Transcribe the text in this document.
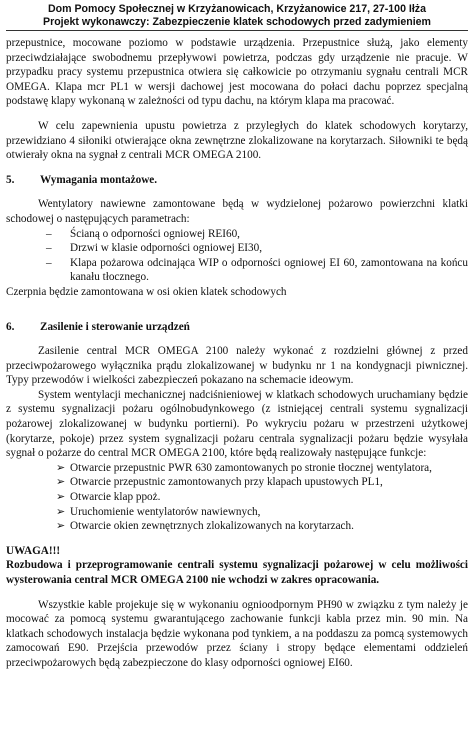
Dom Pomocy Społecznej w Krzyżanowicach, Krzyżanowice 217, 27-100 Iłża
Projekt wykonawczy: Zabezpieczenie klatek schodowych przed zadymieniem

przepustnice, mocowane poziomo w podstawie urządzenia. Przepustnice służą, jako elementy przeciwdziałające swobodnemu przepływowi powietrza, podczas gdy urządzenie nie pracuje. W przypadku pracy systemu przepustnica otwiera się całkowicie po otrzymaniu sygnału centrali MCR OMEGA. Klapa mcr PL1 w wersji dachowej jest mocowana do połaci dachu poprzez specjalną podstawę klapy wykonaną w zależności od typu dachu, na którym klapa ma pracować.

W celu zapewnienia upustu powietrza z przyległych do klatek schodowych korytarzy, przewidziano 4 siłoniki otwierające okna zewnętrzne zlokalizowane na korytarzach. Siłowniki te będą otwierały okna na sygnał z centrali MCR OMEGA 2100.

5.	Wymagania montażowe.

Wentylatory nawiewne zamontowane będą w wydzielonej pożarowo powierzchni klatki schodowej o następujących parametrach:

– Ścianą o odporności ogniowej REI60,
– Drzwi w klasie odporności ogniowej EI30,
– Klapa pożarowa odcinająca WIP o odporności ogniowej EI 60, zamontowana na końcu kanału tłocznego.

Czerpnia będzie zamontowana w osi okien klatek schodowych

6.	Zasilenie i sterowanie urządzeń

Zasilenie central MCR OMEGA 2100 należy wykonać z rozdzielni głównej z przed przeciwpożarowego wyłącznika prądu zlokalizowanej w budynku nr 1 na kondygnacji piwnicznej. Typy przewodów i wielkości zabezpieczeń pokazano na schemacie ideowym.

System wentylacji mechanicznej nadciśnieniowej w klatkach schodowych uruchamiany będzie z systemu sygnalizacji pożaru ogólnobudynkowego (z istniejącej centrali systemu sygnalizacji pożarowej zlokalizowanej w budynku portierni). Po wykryciu pożaru w przestrzeni użytkowej (korytarze, pokoje) przez system sygnalizacji pożaru centrala sygnalizacji pożaru będzie wysyłała sygnał o pożarze do central MCR OMEGA 2100, które będą realizowały następujące funkcje:

➢ Otwarcie przepustnic PWR 630 zamontowanych po stronie tłocznej wentylatora,
➢ Otwarcie przepustnic zamontowanych przy klapach upustowych PL1,
➢ Otwarcie klap ppoż.
➢ Uruchomienie wentylatorów nawiewnych,
➢ Otwarcie okien zewnętrznych zlokalizowanych na korytarzach.

UWAGA!!!

Rozbudowa i przeprogramowanie centrali systemu sygnalizacji pożarowej w celu możliwości wysterowania central MCR OMEGA 2100 nie wchodzi w zakres opracowania.

Wszystkie kable projekuje się w wykonaniu ognioodpornym PH90 w związku z tym należy je mocować za pomocą systemu gwarantującego zachowanie funkcji kabla przez min. 90 min. Na klatkach schodowych instalacja będzie wykonana pod tynkiem, a na poddaszu za pomcą systemowych zamocowań E90. Przejścia przewodów przez ściany i stropy będące elementami oddzieleń przeciwpożarowych będą zabezpieczone do klasy odporności ogniowej EI60.
